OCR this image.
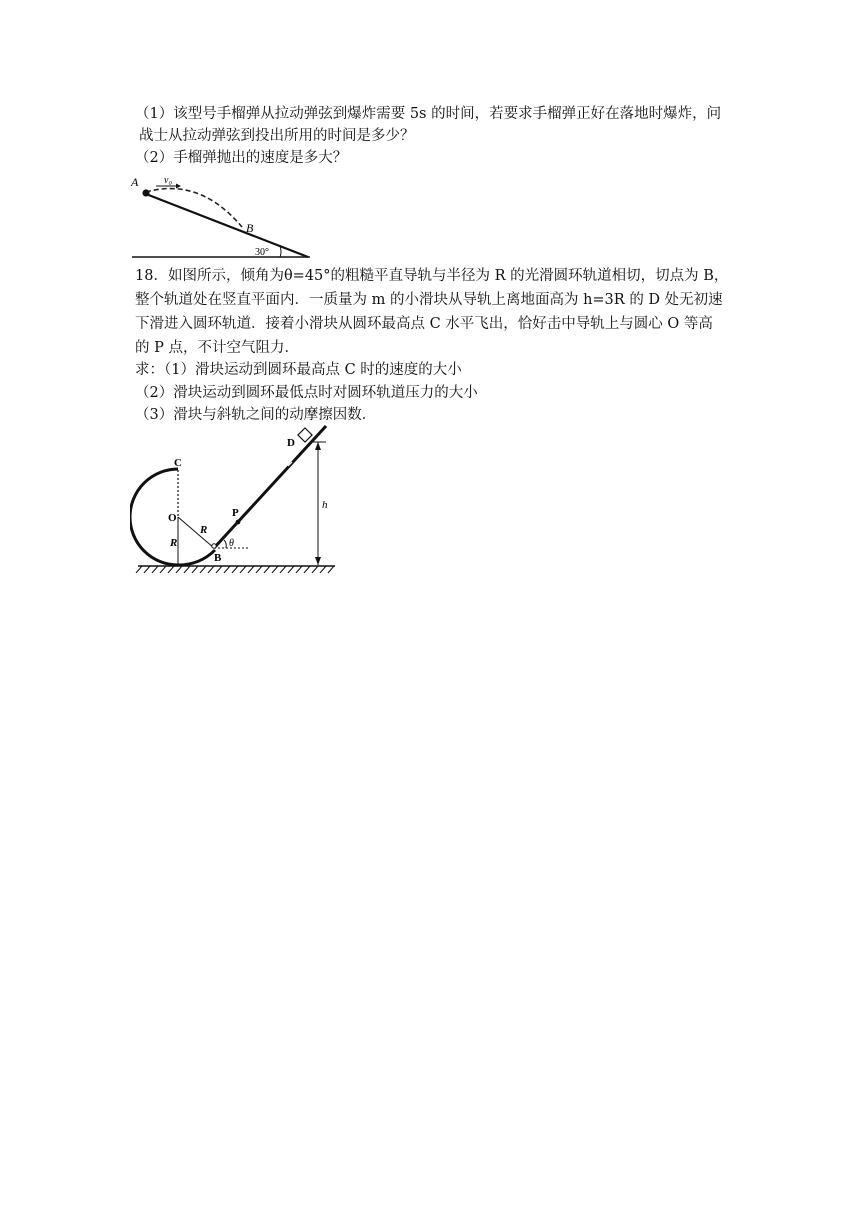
（1）该型号手榴弹从拉动弹弦到爆炸需要 5s 的时间，若要求手榴弹正好在落地时爆炸，问
战士从拉动弹弦到投出所用的时间是多少？
（2）手榴弹抛出的速度是多大？
A	v₀
B
30°
18．如图所示，倾角为θ=45°的粗糙平直导轨与半径为 R 的光滑圆环轨道相切，切点为 B，
整个轨道处在竖直平面内．一质量为 m 的小滑块从导轨上离地面高为 h=3R 的 D 处无初速
下滑进入圆环轨道．接着小滑块从圆环最高点 C 水平飞出，恰好击中导轨上与圆心 O 等高
的 P 点，不计空气阻力．
求：（1）滑块运动到圆环最高点 C 时的速度的大小
（2）滑块运动到圆环最低点时对圆环轨道压力的大小
（3）滑块与斜轨之间的动摩擦因数．
C
O
R
R
P
B
θ
D
h
